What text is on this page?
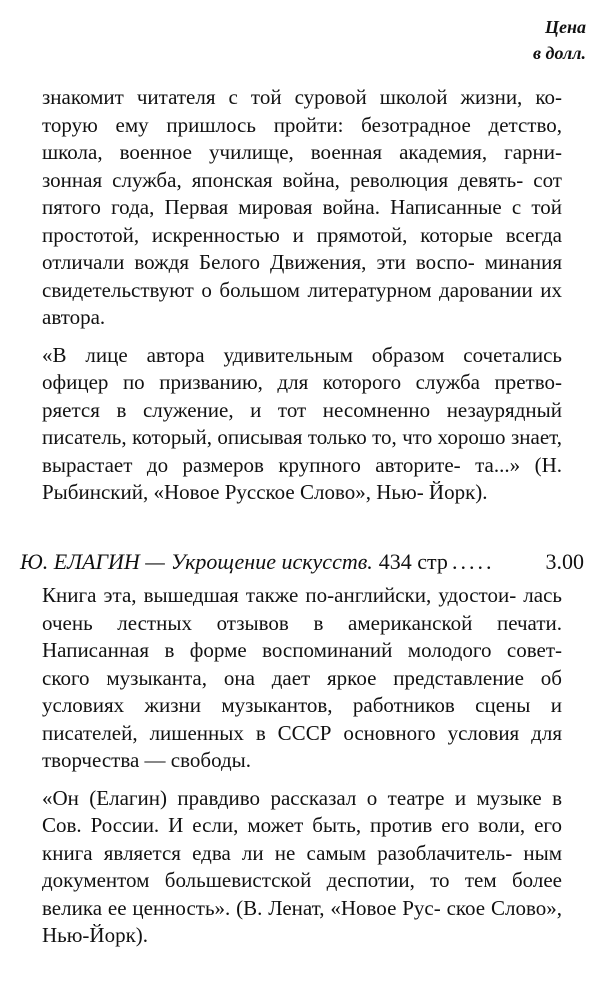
Цена
в долл.

знакомит читателя с той суровой школой жизни, ко- торую ему пришлось пройти: безотрадное детство, школа, военное училище, военная академия, гарни- зонная служба, японская война, революция девять- сот пятого года, Первая мировая война. Написанные с той простотой, искренностью и прямотой, которые всегда отличали вождя Белого Движения, эти воспо- минания свидетельствуют о большом литературном даровании их автора.

«В лице автора удивительным образом сочетались офицер по призванию, для которого служба претво- ряется в служение, и тот несомненно незаурядный писатель, который, описывая только то, что хорошо знает, вырастает до размеров крупного авторите- та...» (Н. Рыбинский, «Новое Русское Слово», Нью- Йорк).

Ю. ЕЛАГИН — Укрощение искусств. 434 стр .....	3.00

Книга эта, вышедшая также по-английски, удостои- лась очень лестных отзывов в американской печати. Написанная в форме воспоминаний молодого совет- ского музыканта, она дает яркое представление об условиях жизни музыкантов, работников сцены и писателей, лишенных в СССР основного условия для творчества — свободы.

«Он (Елагин) правдиво рассказал о театре и музыке в Сов. России. И если, может быть, против его воли, его книга является едва ли не самым разоблачитель- ным документом большевистской деспотии, то тем более велика ее ценность». (В. Ленат, «Новое Рус- ское Слово», Нью-Йорк).
